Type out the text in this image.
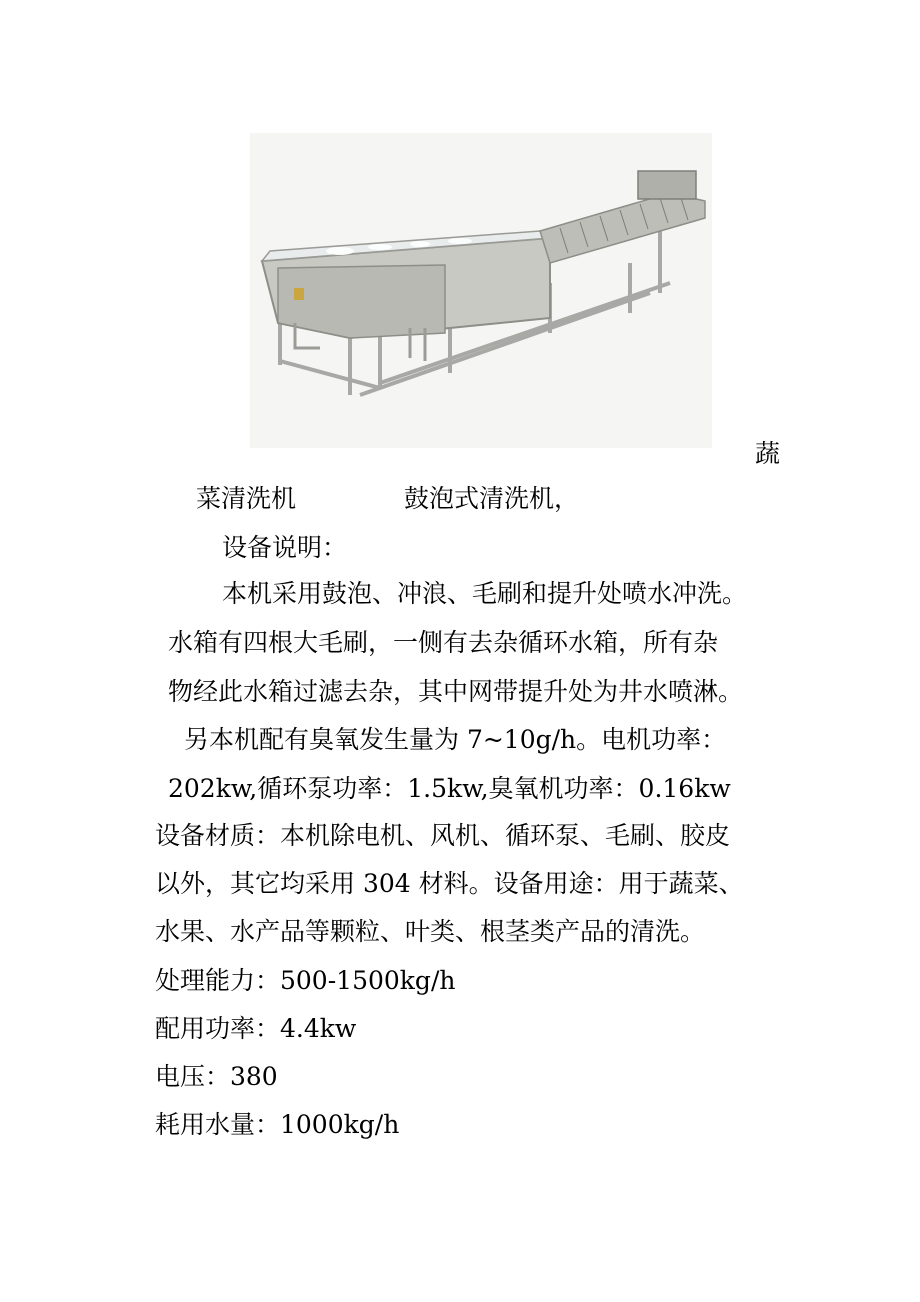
蔬
菜清洗机	鼓泡式清洗机，
设备说明：
本机采用鼓泡、冲浪、毛刷和提升处喷水冲洗。
水箱有四根大毛刷，一侧有去杂循环水箱，所有杂
物经此水箱过滤去杂，其中网带提升处为井水喷淋。
另本机配有臭氧发生量为 7~10g/h。电机功率：
202kw,循环泵功率：1.5kw,臭氧机功率：0.16kw
设备材质：本机除电机、风机、循环泵、毛刷、胶皮
以外，其它均采用 304 材料。设备用途：用于蔬菜、
水果、水产品等颗粒、叶类、根茎类产品的清洗。
处理能力：500-1500kg/h
配用功率：4.4kw
电压：380
耗用水量：1000kg/h
